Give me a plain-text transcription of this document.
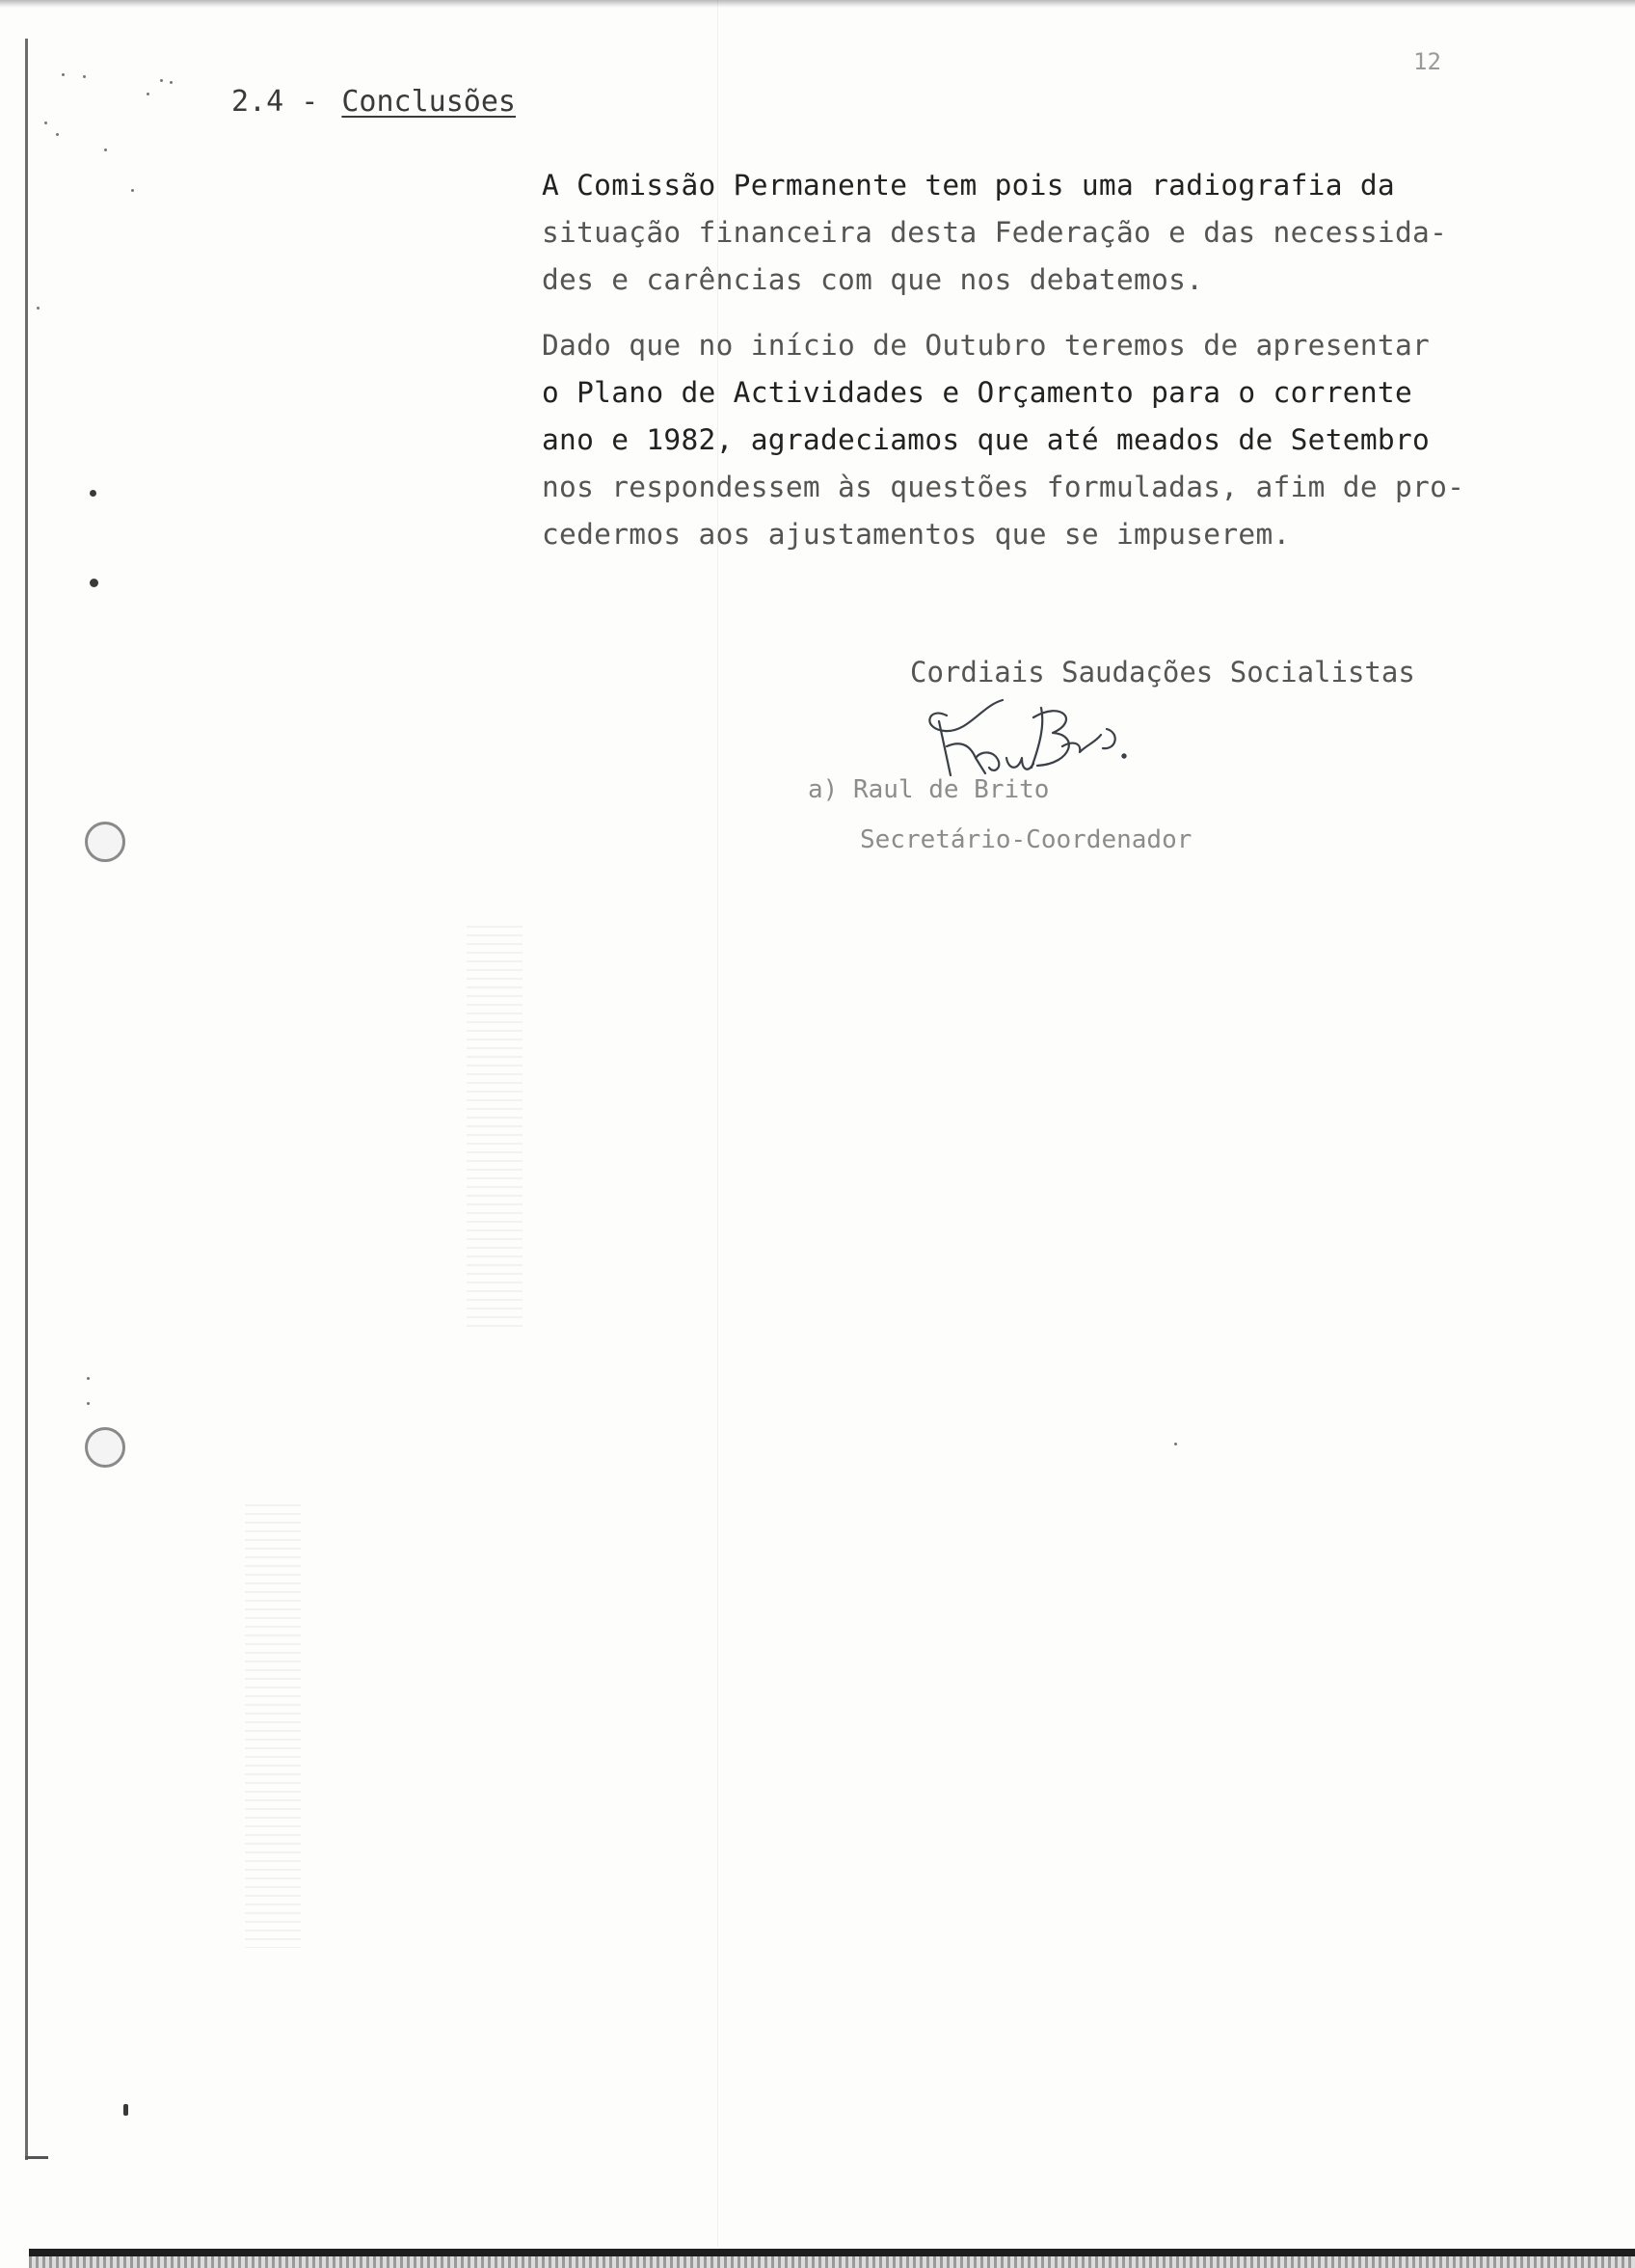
12
2.4 - Conclusões
A Comissão Permanente tem pois uma radiografia da
situação financeira desta Federação e das necessida-
des e carências com que nos debatemos.
Dado que no início de Outubro teremos de apresentar
o Plano de Actividades e Orçamento para o corrente
ano e 1982, agradeciamos que até meados de Setembro
nos respondessem às questões formuladas, afim de pro-
cedermos aos ajustamentos que se impuserem.
Cordiais Saudações Socialistas
a) Raul de Brito
Secretário-Coordenador
